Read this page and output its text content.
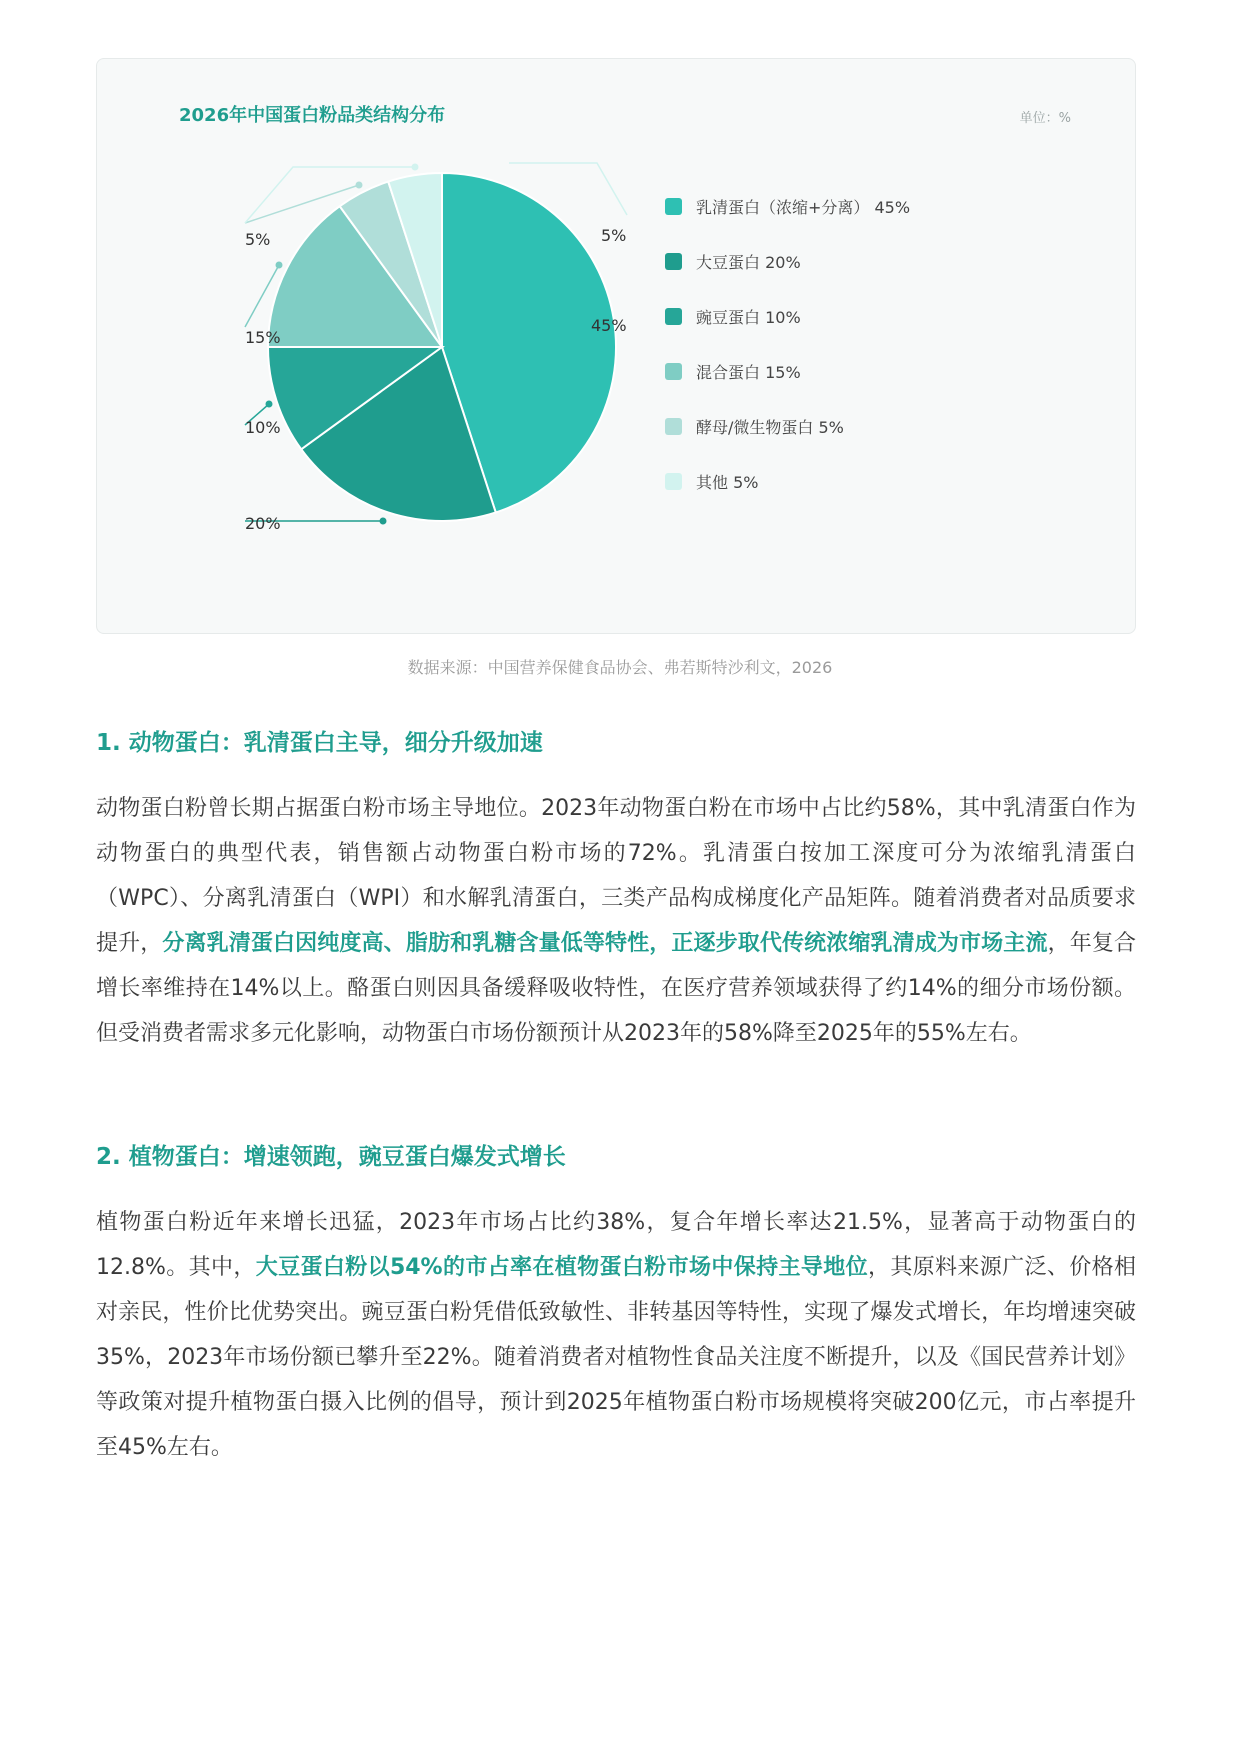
2026年中国蛋白粉品类结构分布	单位：%
45%
5%
20%
10%
15%
5%
乳清蛋白（浓缩+分离） 45%
大豆蛋白 20%
豌豆蛋白 10%
混合蛋白 15%
酵母/微生物蛋白 5%
其他 5%
数据来源：中国营养保健食品协会、弗若斯特沙利文，2026
1. 动物蛋白：乳清蛋白主导，细分升级加速

动物蛋白粉曾长期占据蛋白粉市场主导地位。2023年动物蛋白粉在市场中占比约58%，其中乳清蛋白作为动物蛋白的典型代表，销售额占动物蛋白粉市场的72%。乳清蛋白按加工深度可分为浓缩乳清蛋白（WPC）、分离乳清蛋白（WPI）和水解乳清蛋白，三类产品构成梯度化产品矩阵。随着消费者对品质要求提升，分离乳清蛋白因纯度高、脂肪和乳糖含量低等特性，正逐步取代传统浓缩乳清成为市场主流，年复合增长率维持在14%以上。酪蛋白则因具备缓释吸收特性，在医疗营养领域获得了约14%的细分市场份额。但受消费者需求多元化影响，动物蛋白市场份额预计从2023年的58%降至2025年的55%左右。

2. 植物蛋白：增速领跑，豌豆蛋白爆发式增长

植物蛋白粉近年来增长迅猛，2023年市场占比约38%，复合年增长率达21.5%，显著高于动物蛋白的12.8%。其中，大豆蛋白粉以54%的市占率在植物蛋白粉市场中保持主导地位，其原料来源广泛、价格相对亲民，性价比优势突出。豌豆蛋白粉凭借低致敏性、非转基因等特性，实现了爆发式增长，年均增速突破35%，2023年市场份额已攀升至22%。随着消费者对植物性食品关注度不断提升，以及《国民营养计划》等政策对提升植物蛋白摄入比例的倡导，预计到2025年植物蛋白粉市场规模将突破200亿元，市占率提升至45%左右。
